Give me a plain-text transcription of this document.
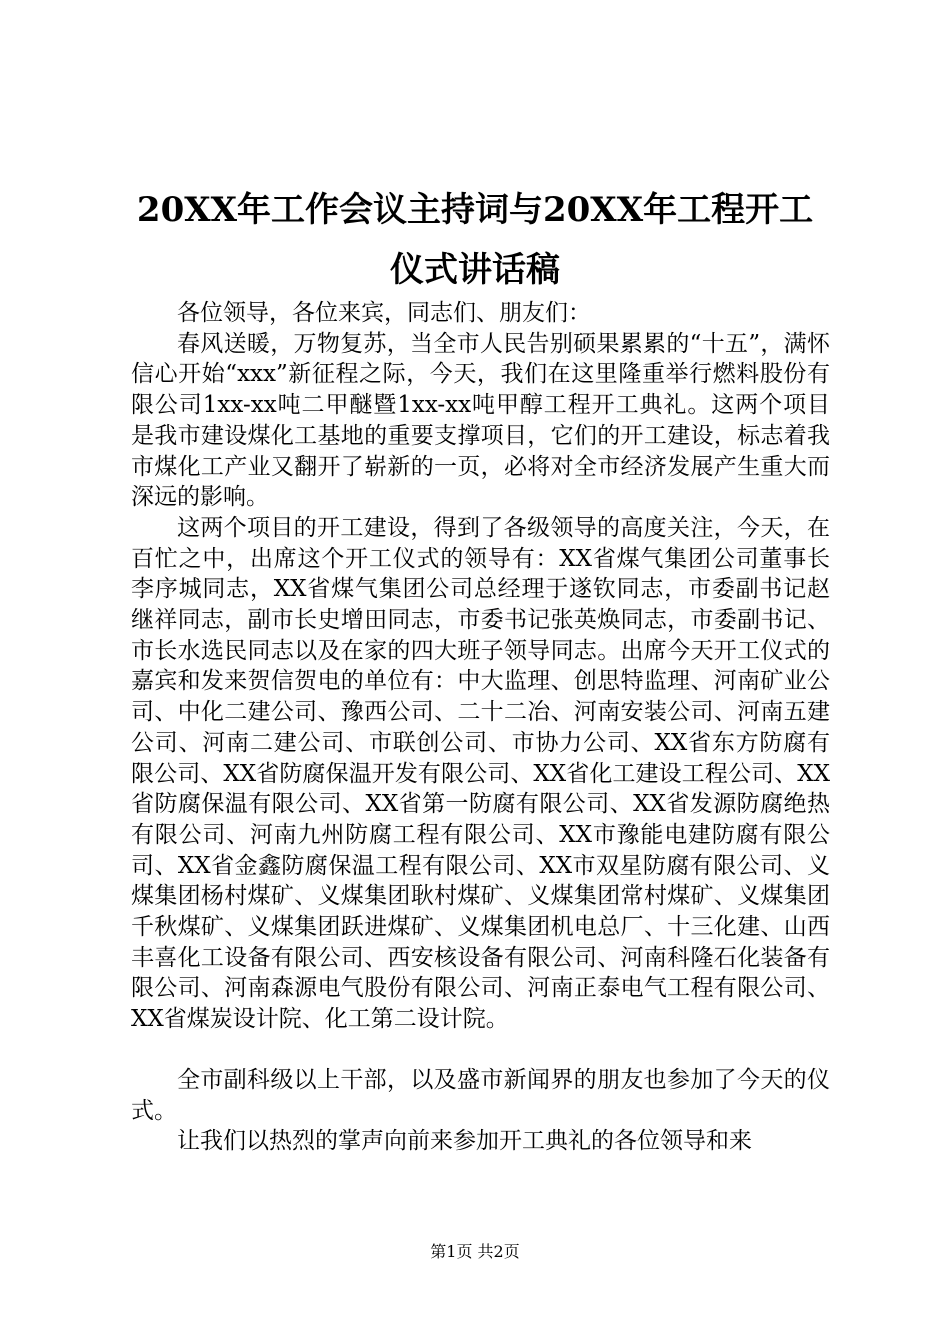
20XX年工作会议主持词与20XX年工程开工仪式讲话稿

各位领导，各位来宾，同志们、朋友们：

春风送暖，万物复苏，当全市人民告别硕果累累的“十五”，满怀信心开始“xxx”新征程之际，今天，我们在这里隆重举行燃料股份有限公司1xx-xx吨二甲醚暨1xx-xx吨甲醇工程开工典礼。这两个项目是我市建设煤化工基地的重要支撑项目，它们的开工建设，标志着我市煤化工产业又翻开了崭新的一页，必将对全市经济发展产生重大而深远的影响。

这两个项目的开工建设，得到了各级领导的高度关注，今天，在百忙之中，出席这个开工仪式的领导有：XX省煤气集团公司董事长李序城同志，XX省煤气集团公司总经理于遂钦同志，市委副书记赵继祥同志，副市长史增田同志，市委书记张英焕同志，市委副书记、市长水选民同志以及在家的四大班子领导同志。出席今天开工仪式的嘉宾和发来贺信贺电的单位有：中大监理、创思特监理、河南矿业公司、中化二建公司、豫西公司、二十二冶、河南安装公司、河南五建公司、河南二建公司、市联创公司、市协力公司、XX省东方防腐有限公司、XX省防腐保温开发有限公司、XX省化工建设工程公司、XX省防腐保温有限公司、XX省第一防腐有限公司、XX省发源防腐绝热有限公司、河南九州防腐工程有限公司、XX市豫能电建防腐有限公司、XX省金鑫防腐保温工程有限公司、XX市双星防腐有限公司、义煤集团杨村煤矿、义煤集团耿村煤矿、义煤集团常村煤矿、义煤集团千秋煤矿、义煤集团跃进煤矿、义煤集团机电总厂、十三化建、山西丰喜化工设备有限公司、西安核设备有限公司、河南科隆石化装备有限公司、河南森源电气股份有限公司、河南正泰电气工程有限公司、XX省煤炭设计院、化工第二设计院。

全市副科级以上干部，以及盛市新闻界的朋友也参加了今天的仪式。

让我们以热烈的掌声向前来参加开工典礼的各位领导和来

第1页 共2页
